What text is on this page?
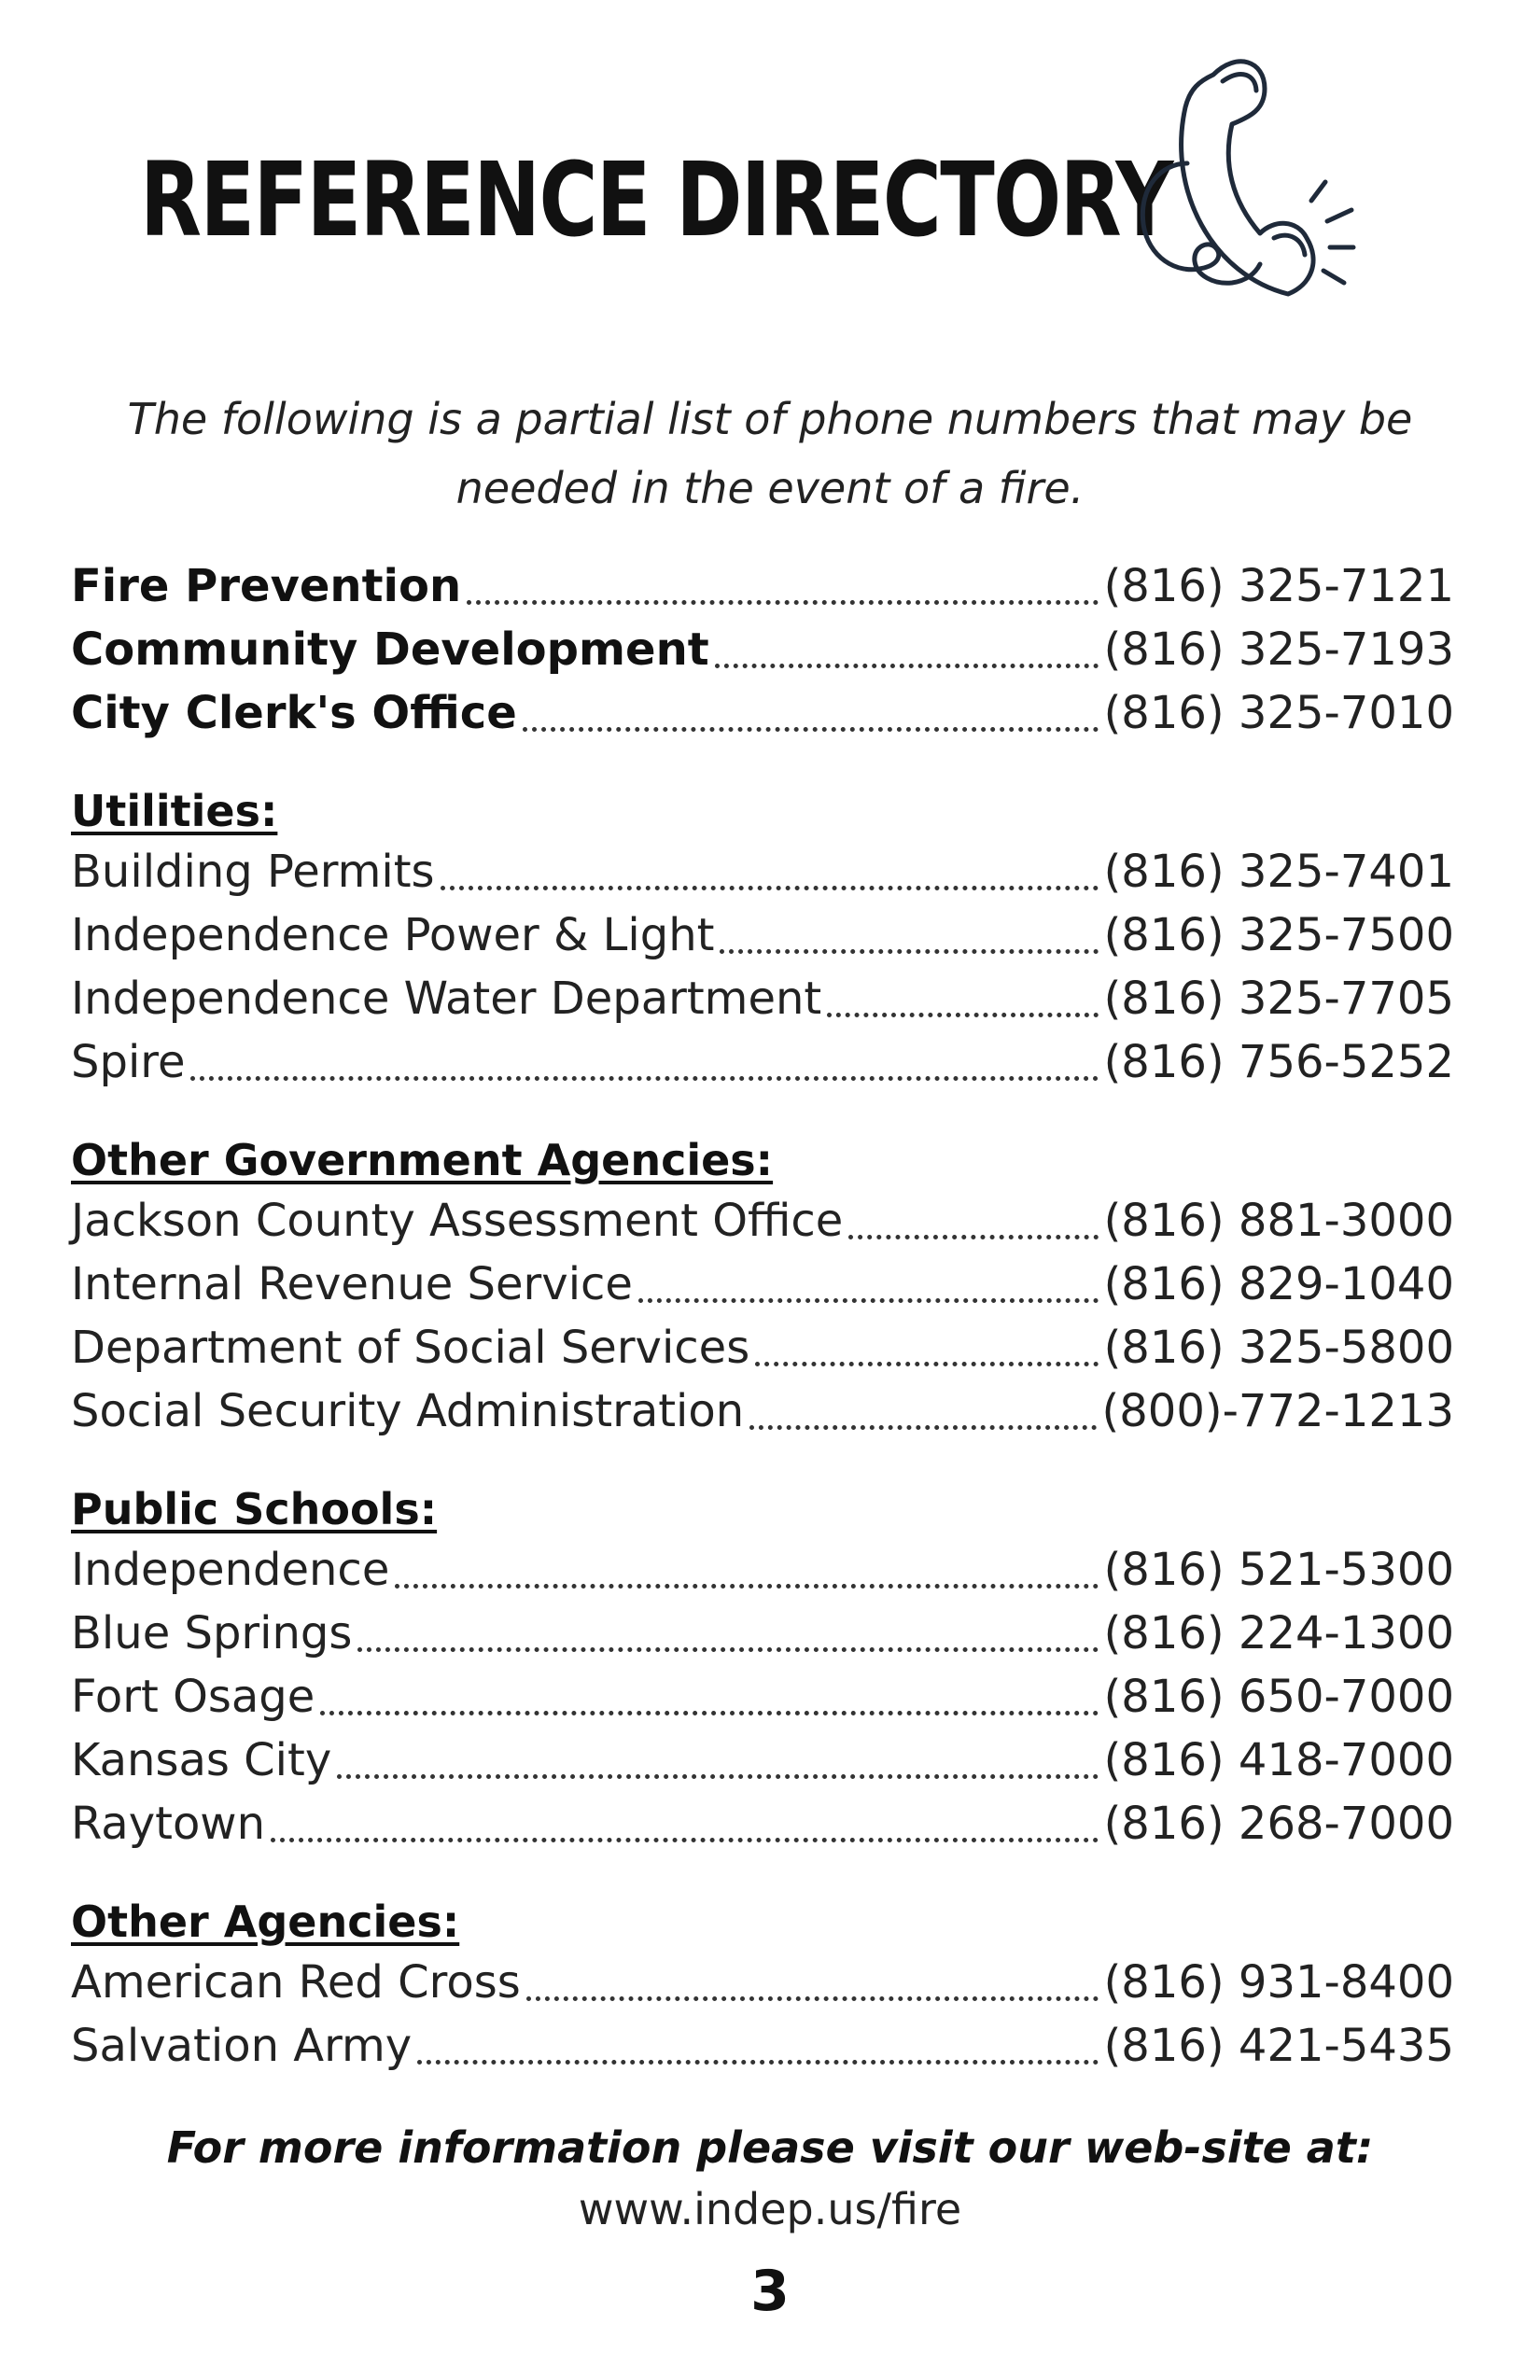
REFERENCE DIRECTORY
The following is a partial list of phone numbers that may be needed in the event of a fire.
Fire Prevention	(816) 325-7121
Community Development	(816) 325-7193
City Clerk's Office	(816) 325-7010
Utilities:
Building Permits	(816) 325-7401
Independence Power & Light	(816) 325-7500
Independence Water Department	(816) 325-7705
Spire	(816) 756-5252
Other Government Agencies:
Jackson County Assessment Office	(816) 881-3000
Internal Revenue Service	(816) 829-1040
Department of Social Services	(816) 325-5800
Social Security Administration	(800)-772-1213
Public Schools:
Independence	(816) 521-5300
Blue Springs	(816) 224-1300
Fort Osage	(816) 650-7000
Kansas City	(816) 418-7000
Raytown	(816) 268-7000
Other Agencies:
American Red Cross	(816) 931-8400
Salvation Army	(816) 421-5435
For more information please visit our web-site at:
www.indep.us/fire
3
